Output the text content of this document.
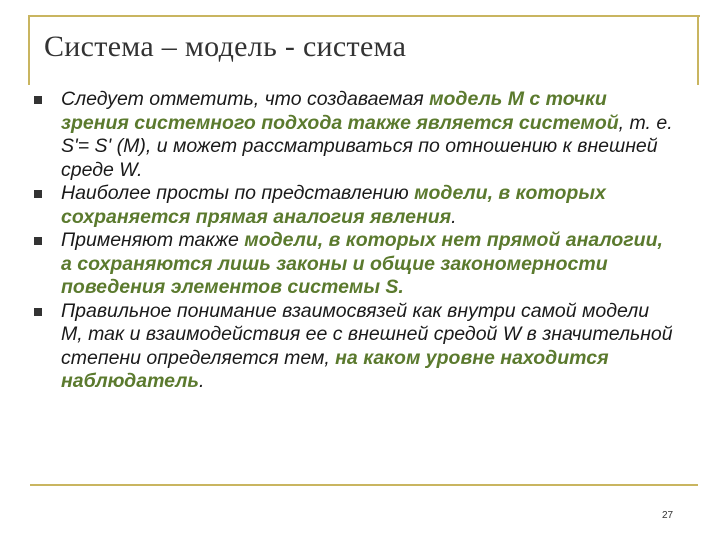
Система – модель - система
Следует отметить, что создаваемая модель М с точки зрения системного подхода также является системой, т. е. S'= S' (M), и может рассматриваться по отношению к внешней среде W.
Наиболее просты по представлению модели, в которых сохраняется прямая аналогия явления.
Применяют также модели, в которых нет прямой аналогии, а сохраняются лишь законы и общие закономерности поведения элементов системы S.
Правильное понимание взаимосвязей как внутри самой модели М, так и взаимодействия ее с внешней средой W в значительной степени определяется тем, на каком уровне находится наблюдатель.
27
